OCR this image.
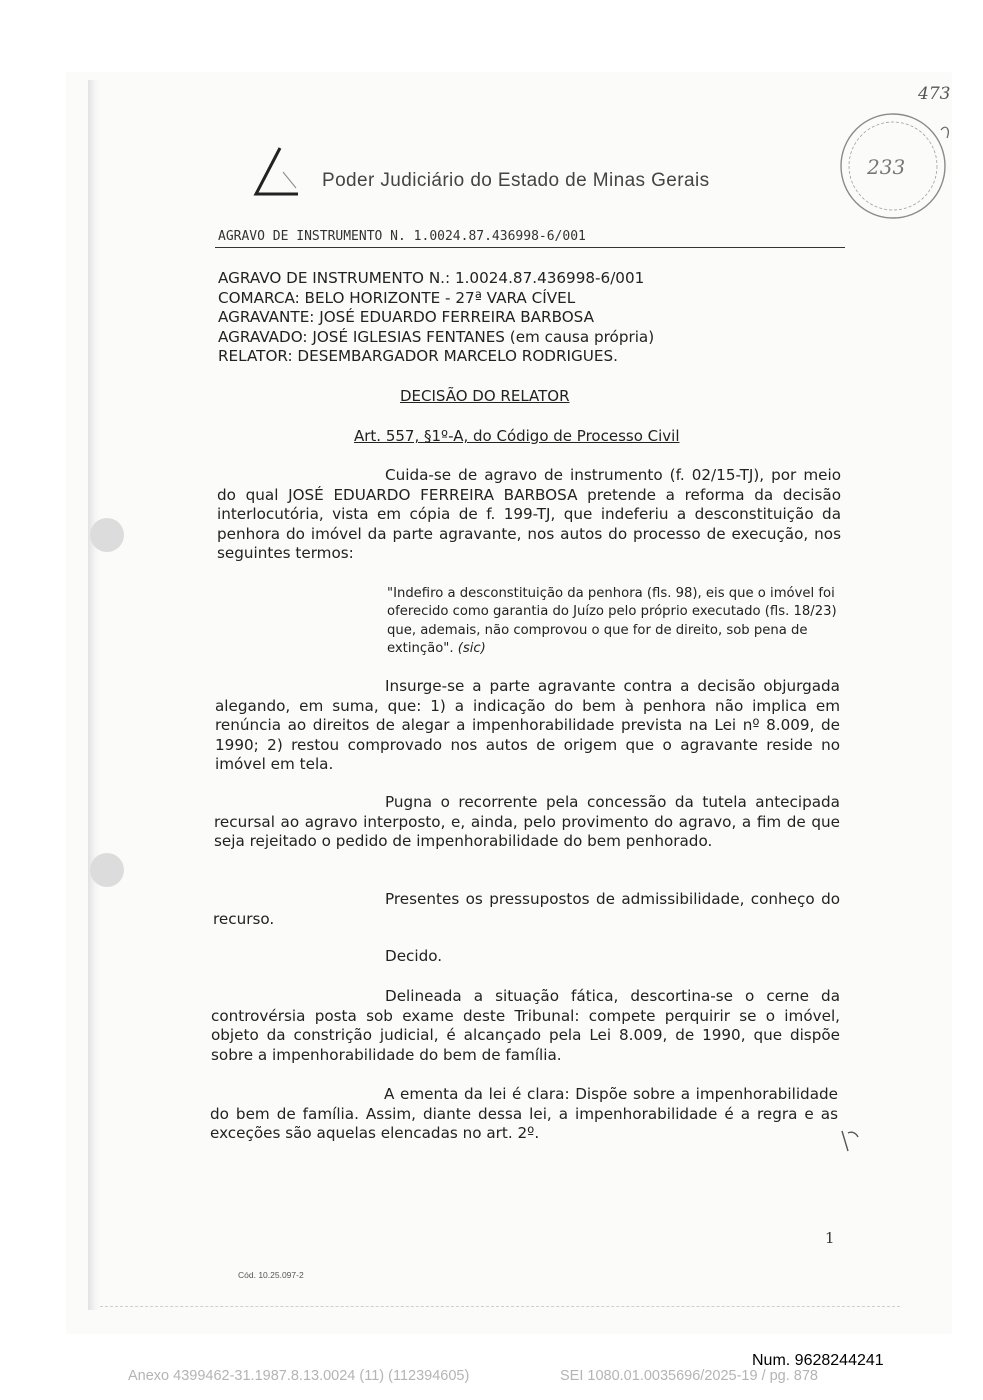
Poder Judiciário do Estado de Minas Gerais
473
233
AGRAVO DE INSTRUMENTO N. 1.0024.87.436998-6/001
AGRAVO DE INSTRUMENTO N.: 1.0024.87.436998-6/001
COMARCA: BELO HORIZONTE - 27ª VARA CÍVEL
AGRAVANTE: JOSÉ EDUARDO FERREIRA BARBOSA
AGRAVADO: JOSÉ IGLESIAS FENTANES (em causa própria)
RELATOR: DESEMBARGADOR MARCELO RODRIGUES.
DECISÃO DO RELATOR
Art. 557, §1º-A, do Código de Processo Civil
Cuida-se de agravo de instrumento (f. 02/15-TJ), por meio do qual JOSÉ EDUARDO FERREIRA BARBOSA pretende a reforma da decisão interlocutória, vista em cópia de f. 199-TJ, que indeferiu a desconstituição da penhora do imóvel da parte agravante, nos autos do processo de execução, nos seguintes termos:
"Indefiro a desconstituição da penhora (fls. 98), eis que o imóvel foi oferecido como garantia do Juízo pelo próprio executado (fls. 18/23) que, ademais, não comprovou o que for de direito, sob pena de extinção". (sic)
Insurge-se a parte agravante contra a decisão objurgada alegando, em suma, que: 1) a indicação do bem à penhora não implica em renúncia ao direitos de alegar a impenhorabilidade prevista na Lei nº 8.009, de 1990; 2) restou comprovado nos autos de origem que o agravante reside no imóvel em tela.
Pugna o recorrente pela concessão da tutela antecipada recursal ao agravo interposto, e, ainda, pelo provimento do agravo, a fim de que seja rejeitado o pedido de impenhorabilidade do bem penhorado.
Presentes os pressupostos de admissibilidade, conheço do recurso.
Decido.
Delineada a situação fática, descortina-se o cerne da controvérsia posta sob exame deste Tribunal: compete perquirir se o imóvel, objeto da constrição judicial, é alcançado pela Lei 8.009, de 1990, que dispõe sobre a impenhorabilidade do bem de família.
A ementa da lei é clara: Dispõe sobre a impenhorabilidade do bem de família. Assim, diante dessa lei, a impenhorabilidade é a regra e as exceções são aquelas elencadas no art. 2º.
1
Cód. 10.25.097-2
Num. 9628244241
Anexo 4399462-31.1987.8.13.0024 (11) (112394605)	SEI 1080.01.0035696/2025-19 / pg. 878
